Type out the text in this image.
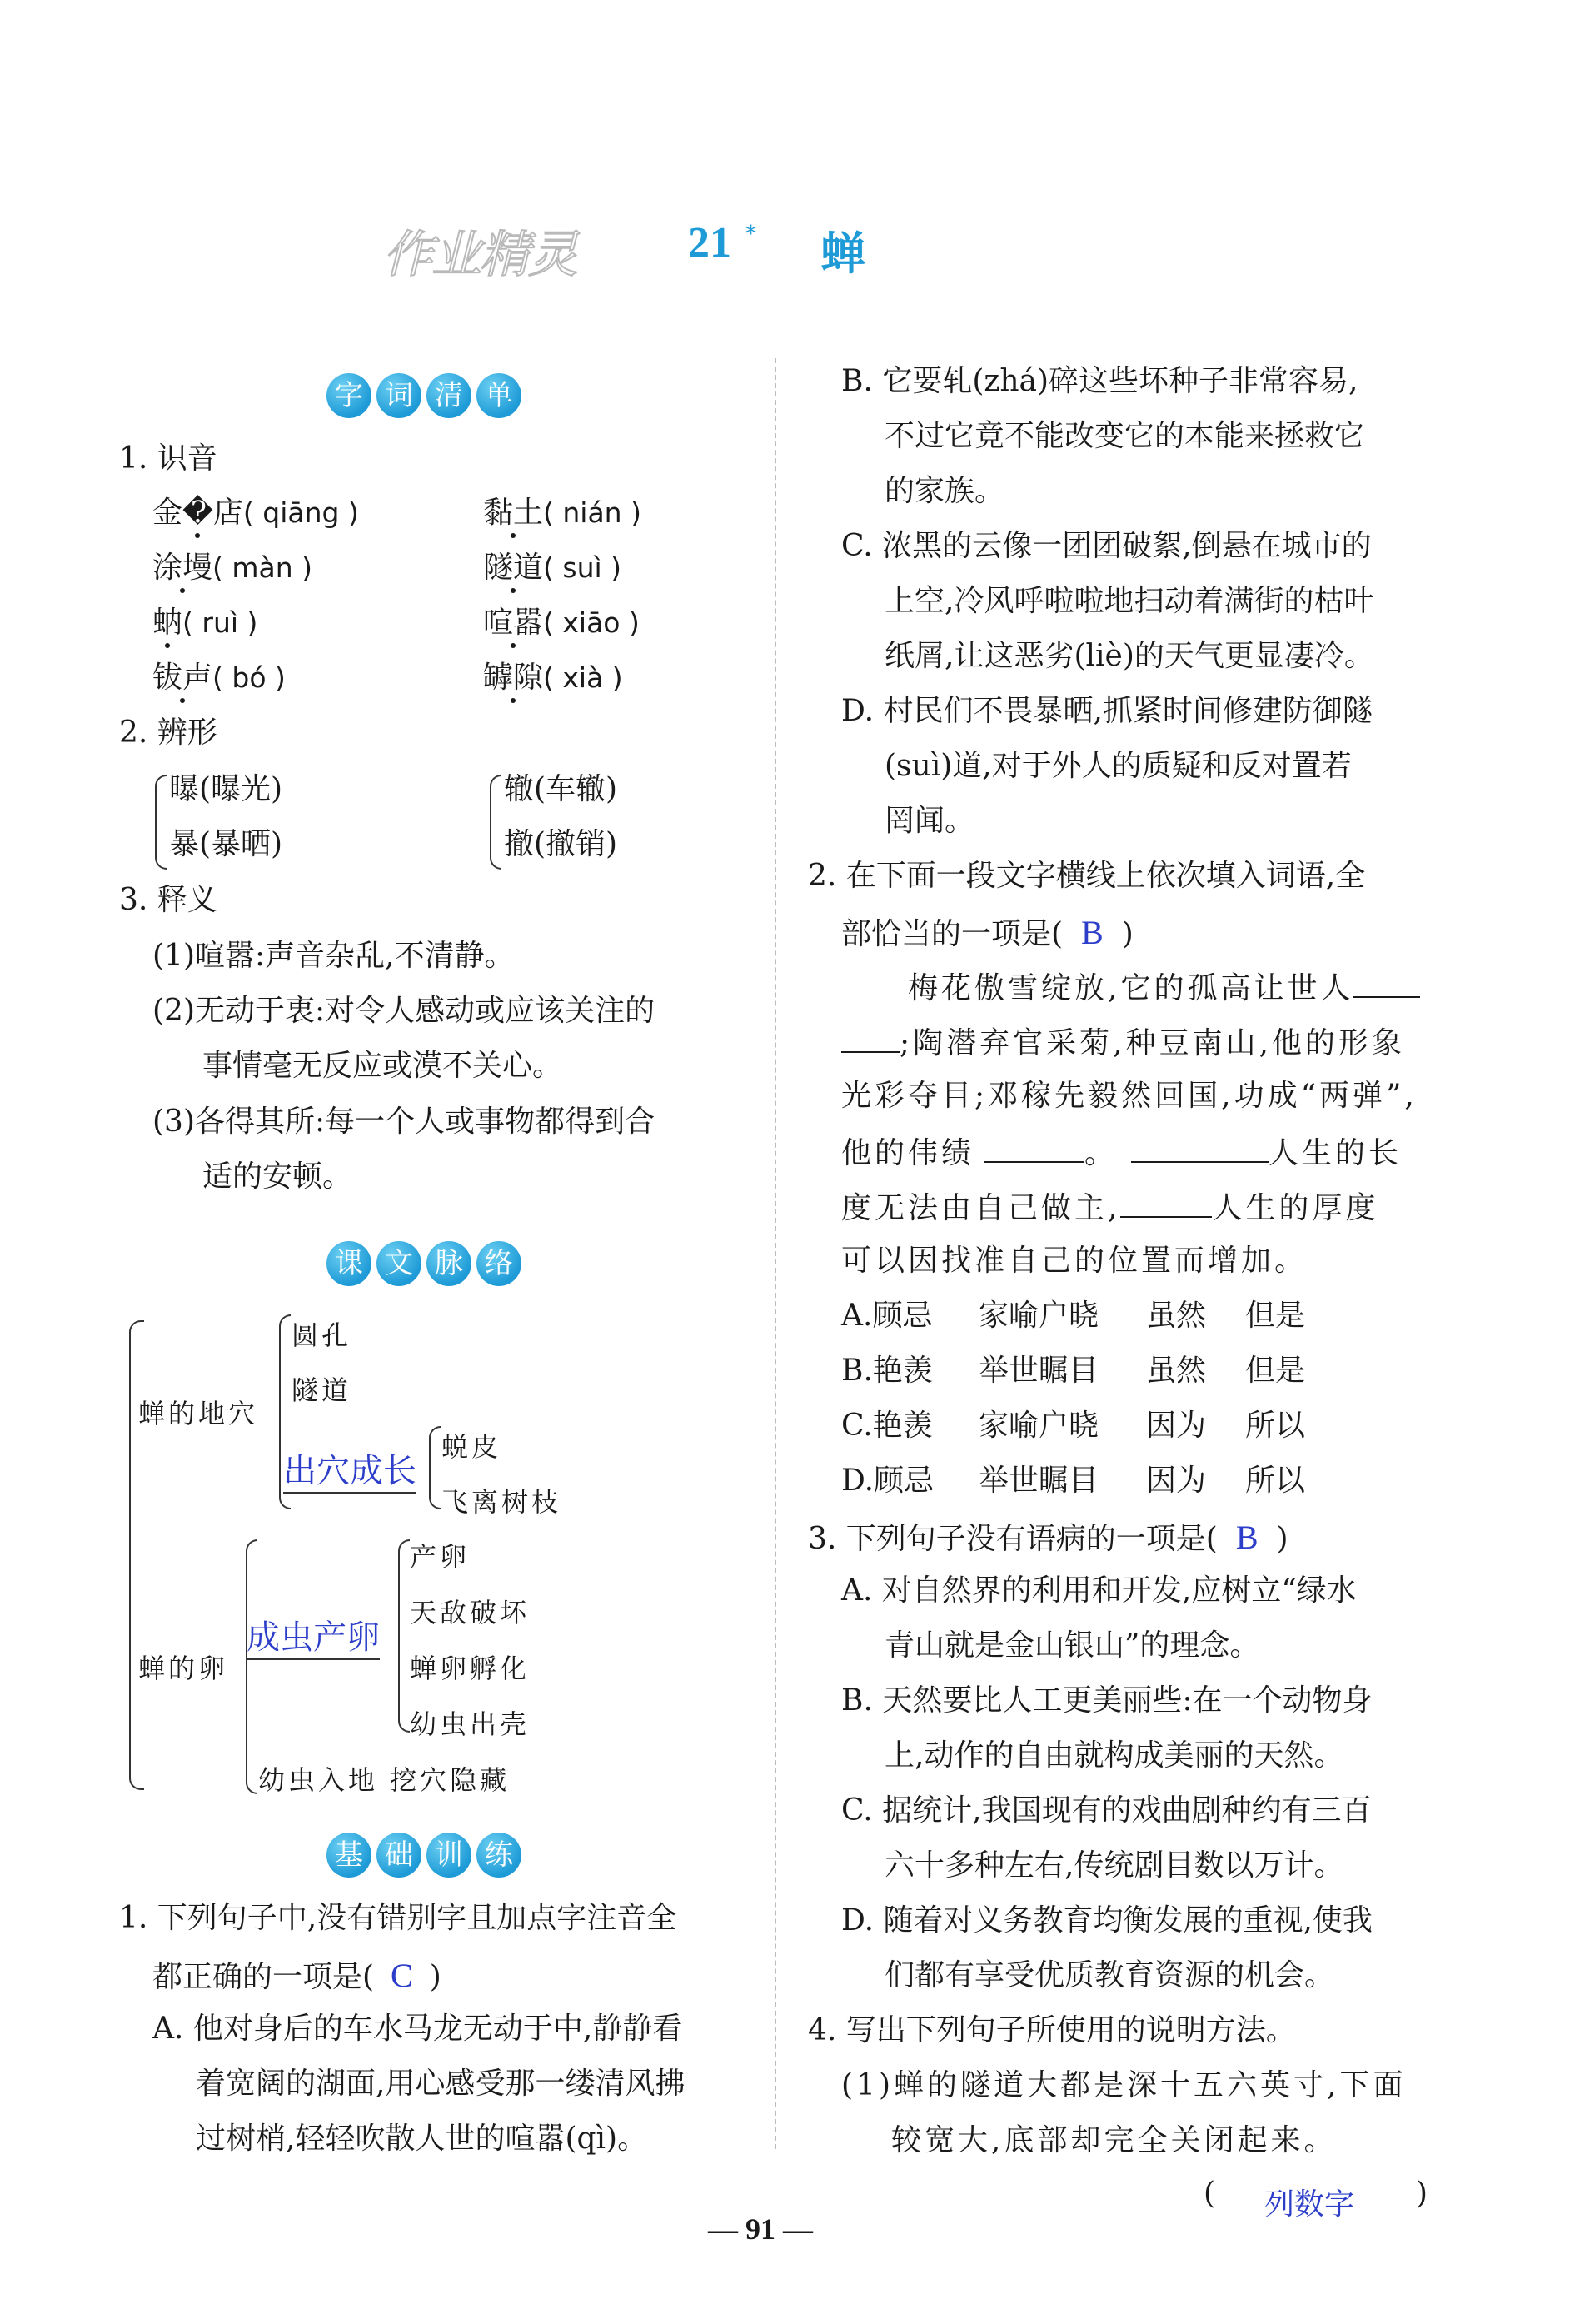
作业精灵	21 * 蝉
字 词 清 单
1. 识音
金�店( qiāng )	黏土( nián )
涂墁( màn )	隧道( suì )
蚋( ruì )	喧嚣( xiāo )
钹声( bó )	罅隙( xià )
2. 辨形
曝(曝光)
暴(暴晒)
辙(车辙)
撤(撤销)
3. 释义
(1)喧嚣:声音杂乱,不清静。
(2)无动于衷:对令人感动或应该关注的
事情毫无反应或漠不关心。
(3)各得其所:每一个人或事物都得到合
适的安顿。
课 文 脉 络
蝉的地穴
圆孔
隧道
出穴成长
蜕皮
飞离树枝
蝉的卵
成虫产卵
产卵
天敌破坏
蝉卵孵化
幼虫出壳
幼虫入地 挖穴隐藏
基 础 训 练
1. 下列句子中,没有错别字且加点字注音全
都正确的一项是( C )
A. 他对身后的车水马龙无动于中,静静看
着宽阔的湖面,用心感受那一缕清风拂
过树梢,轻轻吹散人世的喧嚣(qì)。
B. 它要轧(zhá)碎这些坏种子非常容易,
不过它竟不能改变它的本能来拯救它
的家族。
C. 浓黑的云像一团团破絮,倒悬在城市的
上空,冷风呼啦啦地扫动着满街的枯叶
纸屑,让这恶劣(liè)的天气更显凄冷。
D. 村民们不畏暴晒,抓紧时间修建防御隧
(suì)道,对于外人的质疑和反对置若
罔闻。
2. 在下面一段文字横线上依次填入词语,全
部恰当的一项是( B )
梅花傲雪绽放,它的孤高让世人
;陶潜弃官采菊,种豆南山,他的形象
光彩夺目;邓稼先毅然回国,功成“两弹”,
他的伟绩	。	人生的长
度无法由自己做主,	人生的厚度
可以因找准自己的位置而增加。
A.顾忌 家喻户晓 虽然 但是
B.艳羡 举世瞩目 虽然 但是
C.艳羡 家喻户晓 因为 所以
D.顾忌 举世瞩目 因为 所以
3. 下列句子没有语病的一项是( B )
A. 对自然界的利用和开发,应树立“绿水
青山就是金山银山”的理念。
B. 天然要比人工更美丽些:在一个动物身
上,动作的自由就构成美丽的天然。
C. 据统计,我国现有的戏曲剧种约有三百
六十多种左右,传统剧目数以万计。
D. 随着对义务教育均衡发展的重视,使我
们都有享受优质教育资源的机会。
4. 写出下列句子所使用的说明方法。
(1)蝉的隧道大都是深十五六英寸,下面
较宽大,底部却完全关闭起来。
( 列数字 )
— 91 —
